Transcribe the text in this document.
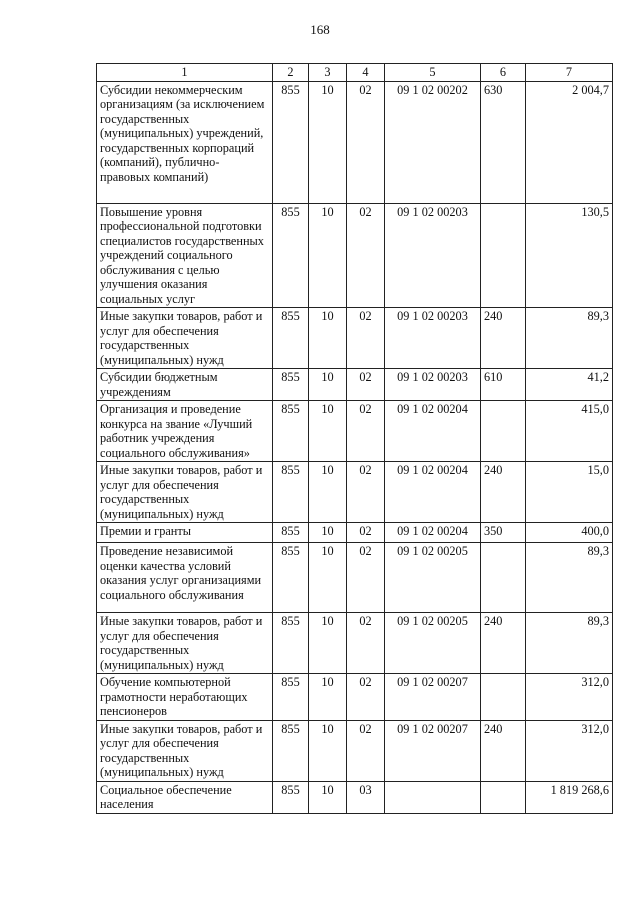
168
1	2	3	4	5	6	7
Субсидии некоммерческим организациям (за исключением государственных (муниципальных) учреждений, государственных корпораций (компаний), публично-правовых компаний)	855	10	02	09 1 02 00202	630	2 004,7
Повышение уровня профессиональной подготовки специалистов государственных учреждений социального обслуживания с целью улучшения оказания социальных услуг	855	10	02	09 1 02 00203		130,5
Иные закупки товаров, работ и услуг для обеспечения государственных (муниципальных) нужд	855	10	02	09 1 02 00203	240	89,3
Субсидии бюджетным учреждениям	855	10	02	09 1 02 00203	610	41,2
Организация и проведение конкурса на звание «Лучший работник учреждения социального обслуживания»	855	10	02	09 1 02 00204		415,0
Иные закупки товаров, работ и услуг для обеспечения государственных (муниципальных) нужд	855	10	02	09 1 02 00204	240	15,0
Премии и гранты	855	10	02	09 1 02 00204	350	400,0
Проведение независимой оценки качества условий оказания услуг организациями социального обслуживания	855	10	02	09 1 02 00205		89,3
Иные закупки товаров, работ и услуг для обеспечения государственных (муниципальных) нужд	855	10	02	09 1 02 00205	240	89,3
Обучение компьютерной грамотности неработающих пенсионеров	855	10	02	09 1 02 00207		312,0
Иные закупки товаров, работ и услуг для обеспечения государственных (муниципальных) нужд	855	10	02	09 1 02 00207	240	312,0
Социальное обеспечение населения	855	10	03			1 819 268,6
